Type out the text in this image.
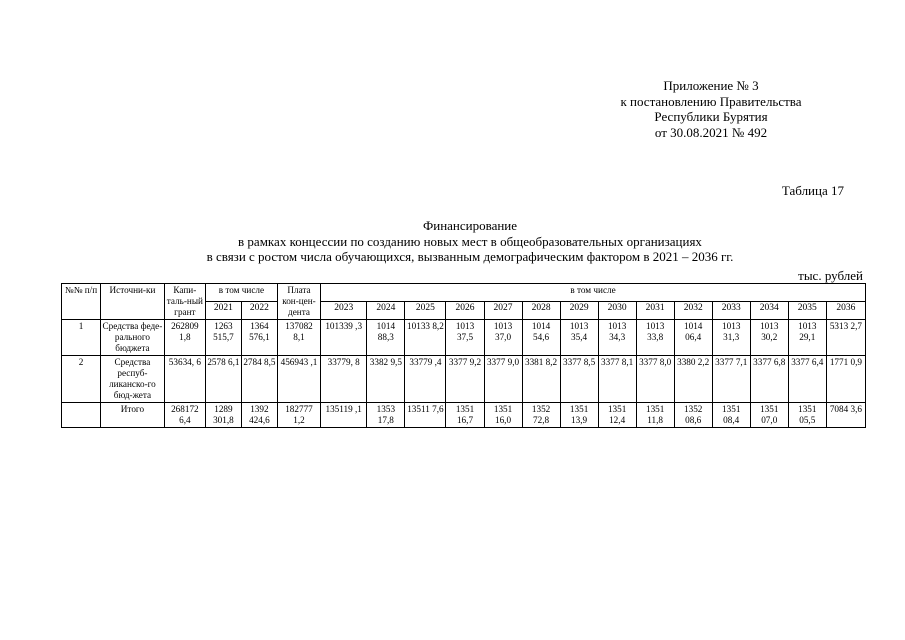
Приложение № 3
к постановлению Правительства
Республики Бурятия
от 30.08.2021 № 492
Таблица 17
Финансирование
в рамках концессии по созданию новых мест в общеобразовательных организациях
в связи с ростом числа обучающихся, вызванным демографическим фактором в 2021 – 2036 гг.
тыс. рублей
№№ п/п	Источни-ки	Капи-таль-ный грант	в том числе		Плата кон-цен-дента	в том числе													
			2021	2022		2023	2024	2025	2026	2027	2028	2029	2030	2031	2032	2033	2034	2035	2036
1	Средства феде-рального бюджета	262809 1,8	1263 515,7	1364 576,1	137082 8,1	101339 ,3	1014 88,3	10133 8,2	1013 37,5	1013 37,0	1014 54,6	1013 35,4	1013 34,3	1013 33,8	1014 06,4	1013 31,3	1013 30,2	1013 29,1	5313 2,7
2	Средства респуб-ликанско-го бюд-жета	53634, 6	2578 6,1	2784 8,5	456943 ,1	33779, 8	3382 9,5	33779 ,4	3377 9,2	3377 9,0	3381 8,2	3377 8,5	3377 8,1	3377 8,0	3380 2,2	3377 7,1	3377 6,8	3377 6,4	1771 0,9
	Итого	268172 6,4	1289 301,8	1392 424,6	182777 1,2	135119 ,1	1353 17,8	13511 7,6	1351 16,7	1351 16,0	1352 72,8	1351 13,9	1351 12,4	1351 11,8	1352 08,6	1351 08,4	1351 07,0	1351 05,5	7084 3,6
